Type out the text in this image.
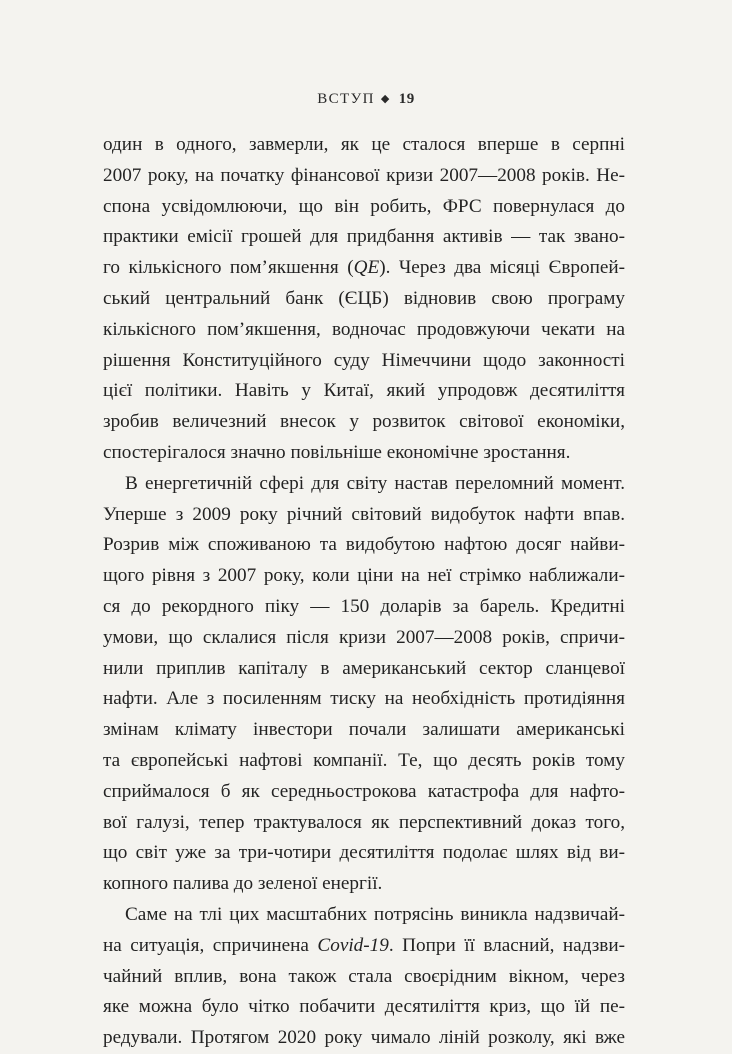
ВСТУП ◆ 19
один в одного, завмерли, як це сталося вперше в серпні
2007 року, на початку фінансової кризи 2007—2008 років. Не-
спона усвідомлюючи, що він робить, ФРС повернулася до
практики емісії грошей для придбання активів — так звано-
го кількісного пом’якшення (QE). Через два місяці Європей-
ський центральний банк (ЄЦБ) відновив свою програму
кількісного пом’якшення, водночас продовжуючи чекати на
рішення Конституційного суду Німеччини щодо законності
цієї політики. Навіть у Китаї, який упродовж десятиліття
зробив величезний внесок у розвиток світової економіки,
спостерігалося значно повільніше економічне зростання.
В енергетичній сфері для світу настав переломний момент.
Уперше з 2009 року річний світовий видобуток нафти впав.
Розрив між споживаною та видобутою нафтою досяг найви-
щого рівня з 2007 року, коли ціни на неї стрімко наближали-
ся до рекордного піку — 150 доларів за барель. Кредитні
умови, що склалися після кризи 2007—2008 років, спричи-
нили приплив капіталу в американський сектор сланцевої
нафти. Але з посиленням тиску на необхідність протидіяння
змінам клімату інвестори почали залишати американські
та європейські нафтові компанії. Те, що десять років тому
сприймалося б як середньострокова катастрофа для нафто-
вої галузі, тепер трактувалося як перспективний доказ того,
що світ уже за три-чотири десятиліття подолає шлях від ви-
копного палива до зеленої енергії.
Саме на тлі цих масштабних потрясінь виникла надзвичай-
на ситуація, спричинена Covid-19. Попри її власний, надзви-
чайний вплив, вона також стала своєрідним вікном, через
яке можна було чітко побачити десятиліття криз, що їй пе-
редували. Протягом 2020 року чимало ліній розколу, які вже
